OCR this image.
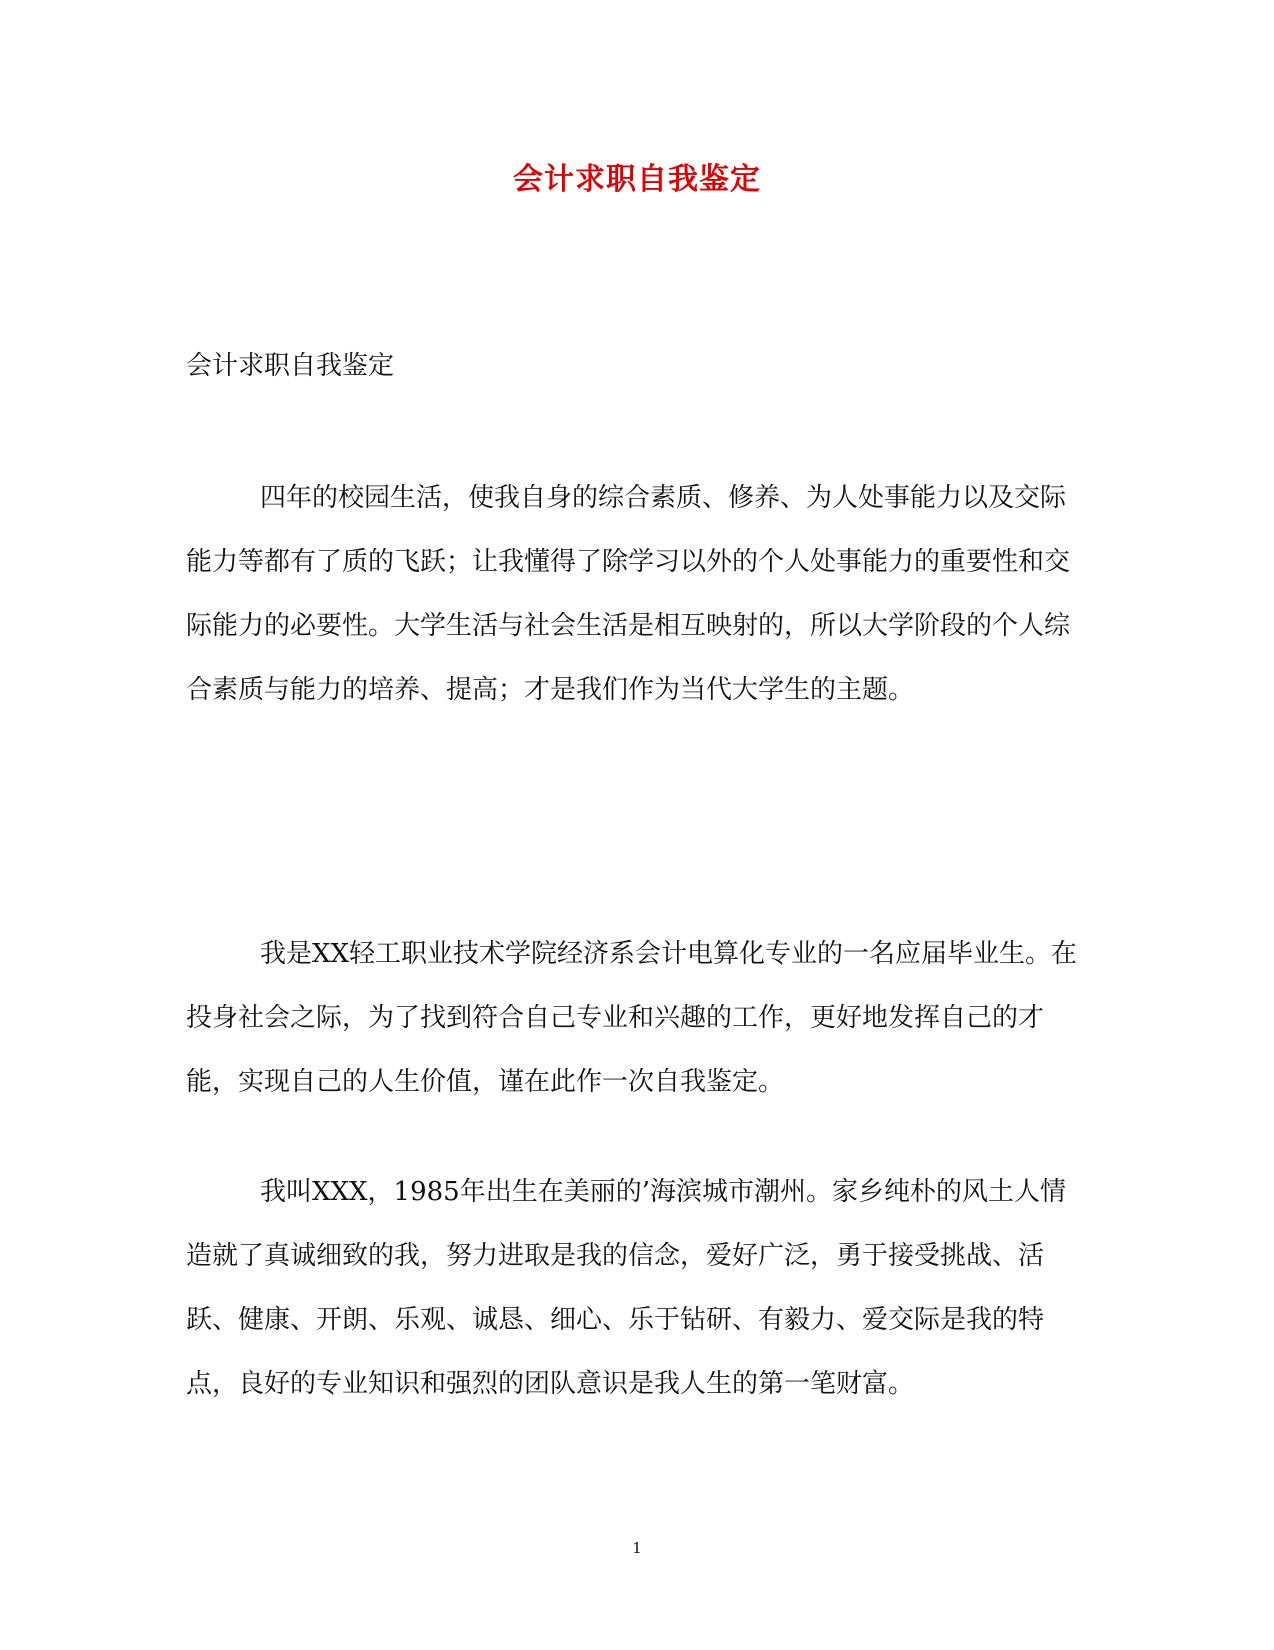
会计求职自我鉴定
会计求职自我鉴定

四年的校园生活，使我自身的综合素质、修养、为人处事能力以及交际能力等都有了质的飞跃；让我懂得了除学习以外的个人处事能力的重要性和交际能力的必要性。大学生活与社会生活是相互映射的，所以大学阶段的个人综合素质与能力的培养、提高；才是我们作为当代大学生的主题。

我是XX轻工职业技术学院经济系会计电算化专业的一名应届毕业生。在投身社会之际，为了找到符合自己专业和兴趣的工作，更好地发挥自己的才能，实现自己的人生价值，谨在此作一次自我鉴定。

我叫XXX，1985年出生在美丽的’海滨城市潮州。家乡纯朴的风土人情造就了真诚细致的我，努力进取是我的信念，爱好广泛，勇于接受挑战、活跃、健康、开朗、乐观、诚恳、细心、乐于钻研、有毅力、爱交际是我的特点，良好的专业知识和强烈的团队意识是我人生的第一笔财富。

1
